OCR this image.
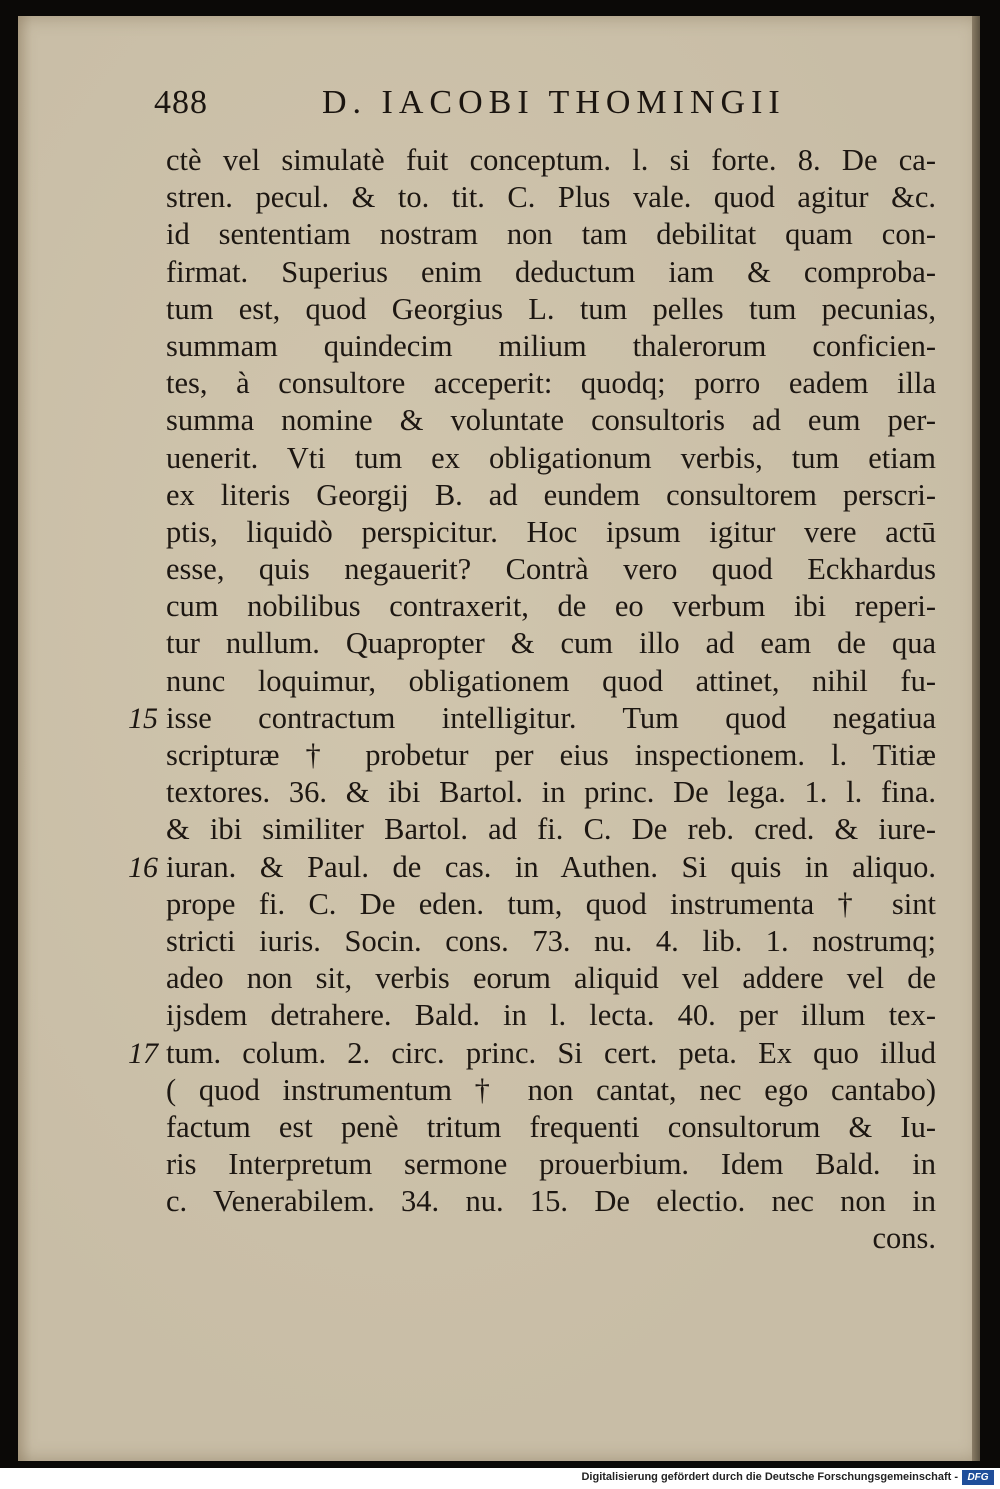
488	D. IACOBI THOMINGII
ctè vel simulatè fuit conceptum. l. si forte. 8. De ca-
stren. pecul. & to. tit. C. Plus vale. quod agitur &c.
id sententiam nostram non tam debilitat quam con-
firmat. Superius enim deductum iam & comproba-
tum est, quod Georgius L. tum pelles tum pecunias,
summam quindecim milium thalerorum conficien-
tes, à consultore acceperit: quodq; porro eadem illa
summa nomine & voluntate consultoris ad eum per-
uenerit. Vti tum ex obligationum verbis, tum etiam
ex literis Georgij B. ad eundem consultorem perscri-
ptis, liquidò perspicitur. Hoc ipsum igitur vere actū
esse, quis negauerit? Contrà vero quod Eckhardus
cum nobilibus contraxerit, de eo verbum ibi reperi-
tur nullum. Quapropter & cum illo ad eam de qua
nunc loquimur, obligationem quod attinet, nihil fu-
isse contractum intelligitur. Tum quod negatiua
scripturæ † probetur per eius inspectionem. l. Titiæ
textores. 36. & ibi Bartol. in princ. De lega. 1. l. fina.
& ibi similiter Bartol. ad fi. C. De reb. cred. & iure-
iuran. & Paul. de cas. in Authen. Si quis in aliquo.
prope fi. C. De eden. tum, quod instrumenta † sint
stricti iuris. Socin. cons. 73. nu. 4. lib. 1. nostrumq;
adeo non sit, verbis eorum aliquid vel addere vel de
ijsdem detrahere. Bald. in l. lecta. 40. per illum tex-
tum. colum. 2. circ. princ. Si cert. peta. Ex quo illud
( quod instrumentum † non cantat, nec ego cantabo)
factum est penè tritum frequenti consultorum & Iu-
ris Interpretum sermone prouerbium. Idem Bald. in
c. Venerabilem. 34. nu. 15. De electio. nec non in
cons.
15
16
17
Digitalisierung gefördert durch die Deutsche Forschungsgemeinschaft - DFG
